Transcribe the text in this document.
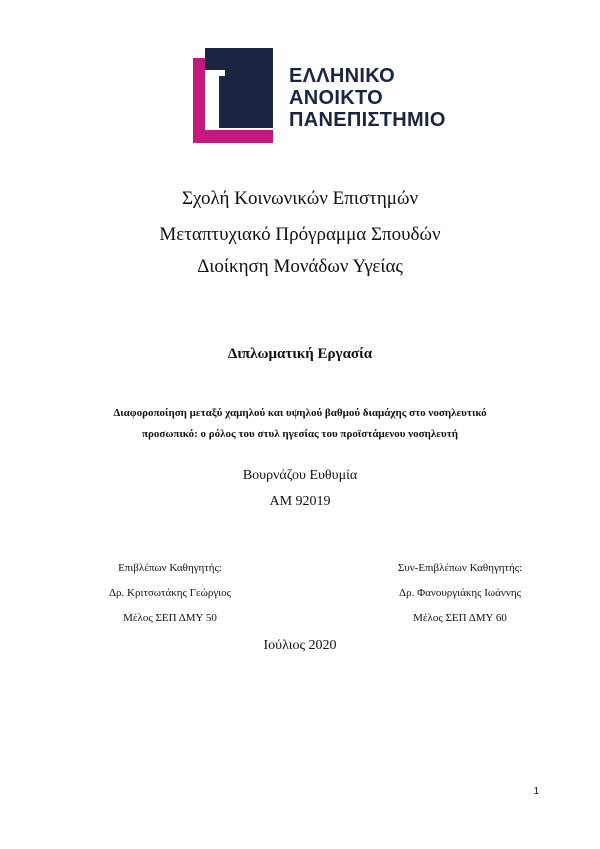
ΕΛΛΗΝΙΚΟ
ΑΝΟΙΚΤΟ
ΠΑΝΕΠΙΣΤΗΜΙΟ
Σχολή Κοινωνικών Επιστημών
Μεταπτυχιακό Πρόγραμμα Σπουδών
Διοίκηση Μονάδων Υγείας
Διπλωματική Εργασία
Διαφοροποίηση μεταξύ χαμηλού και υψηλού βαθμού διαμάχης στο νοσηλευτικό
προσωπικό: ο ρόλος του στυλ ηγεσίας του προϊστάμενου νοσηλευτή
Βουρνάζου Ευθυμία
ΑΜ 92019
Επιβλέπων Καθηγητής:
Δρ. Κριτσωτάκης Γεώργιος
Μέλος ΣΕΠ ΔΜΥ 50
Συν-Επιβλέπων Καθηγητής:
Δρ. Φανουργιάκης Ιωάννης
Μέλος ΣΕΠ ΔΜΥ 60
Ιούλιος 2020
1
